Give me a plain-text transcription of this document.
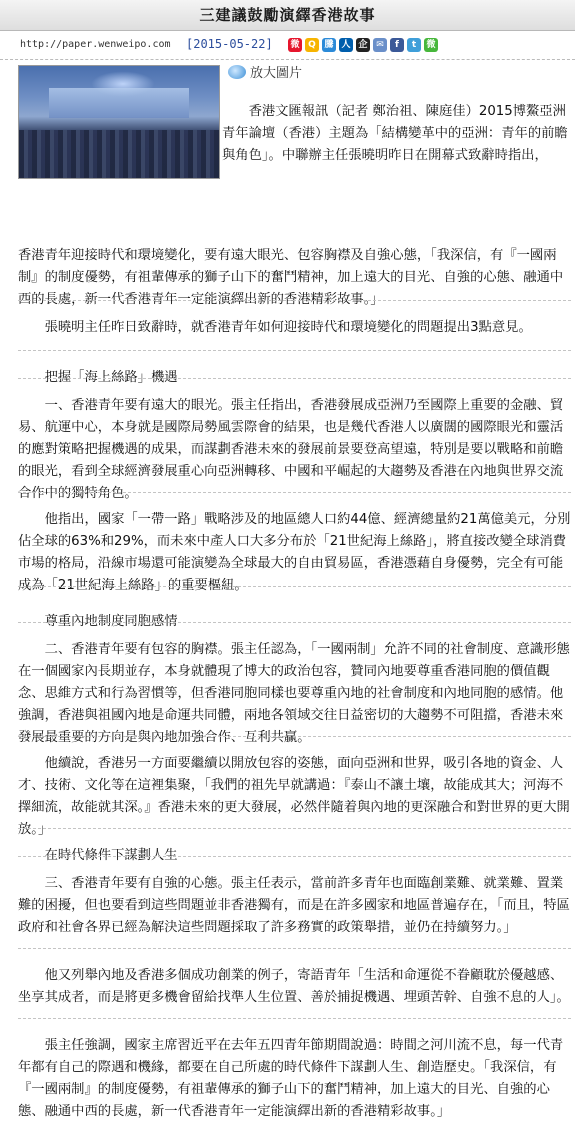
三建議鼓勵演繹香港故事
http://paper.wenweipo.com [2015-05-22] 微 Q 騰 人 企 ✉	f	t	微
放大圖片

香港文匯報訊（記者 鄭治祖、陳庭佳）2015博鰲亞洲青年論壇（香港）主題為「結構變革中的亞洲：青年的前瞻與角色」。中聯辦主任張曉明昨日在開幕式致辭時指出，

香港青年迎接時代和環境變化，要有遠大眼光、包容胸襟及自強心態，「我深信，有『一國兩制』的制度優勢，有祖輩傳承的獅子山下的奮鬥精神，加上遠大的目光、自強的心態、融通中西的長處，新一代香港青年一定能演繹出新的香港精彩故事。」

張曉明主任昨日致辭時，就香港青年如何迎接時代和環境變化的問題提出3點意見。

把握「海上絲路」機遇

一、香港青年要有遠大的眼光。張主任指出，香港發展成亞洲乃至國際上重要的金融、貿易、航運中心，本身就是國際局勢風雲際會的結果，也是幾代香港人以廣闊的國際眼光和靈活的應對策略把握機遇的成果，而謀劃香港未來的發展前景要登高望遠，特別是要以戰略和前瞻的眼光，看到全球經濟發展重心向亞洲轉移、中國和平崛起的大趨勢及香港在內地與世界交流合作中的獨特角色。

他指出，國家「一帶一路」戰略涉及的地區總人口約44億、經濟總量約21萬億美元，分別佔全球的63%和29%，而未來中產人口大多分布於「21世紀海上絲路」，將直接改變全球消費市場的格局，沿線市場還可能演變為全球最大的自由貿易區，香港憑藉自身優勢，完全有可能成為「21世紀海上絲路」的重要樞紐。

尊重內地制度同胞感情

二、香港青年要有包容的胸襟。張主任認為，「一國兩制」允許不同的社會制度、意識形態在一個國家內長期並存，本身就體現了博大的政治包容，贊同內地要尊重香港同胞的價值觀念、思維方式和行為習慣等，但香港同胞同樣也要尊重內地的社會制度和內地同胞的感情。他強調，香港與祖國內地是命運共同體，兩地各領域交往日益密切的大趨勢不可阻擋，香港未來發展最重要的方向是與內地加強合作、互利共贏。

他續說，香港另一方面要繼續以開放包容的姿態，面向亞洲和世界，吸引各地的資金、人才、技術、文化等在這裡集聚，「我們的祖先早就講過：『泰山不讓土壤，故能成其大；河海不擇細流，故能就其深。』香港未來的更大發展，必然伴隨着與內地的更深融合和對世界的更大開放。」

在時代條件下謀劃人生

三、香港青年要有自強的心態。張主任表示，當前許多青年也面臨創業難、就業難、置業難的困擾，但也要看到這些問題並非香港獨有，而是在許多國家和地區普遍存在，「而且，特區政府和社會各界已經為解決這些問題採取了許多務實的政策舉措，並仍在持續努力。」

他又列舉內地及香港多個成功創業的例子，寄語青年「生活和命運從不眷顧耽於優越感、坐享其成者，而是將更多機會留給找準人生位置、善於捕捉機遇、埋頭苦幹、自強不息的人」。

張主任強調，國家主席習近平在去年五四青年節期間說過：時間之河川流不息，每一代青年都有自己的際遇和機緣，都要在自己所處的時代條件下謀劃人生、創造歷史。「我深信，有『一國兩制』的制度優勢，有祖輩傳承的獅子山下的奮鬥精神，加上遠大的目光、自強的心態、融通中西的長處，新一代香港青年一定能演繹出新的香港精彩故事。」
